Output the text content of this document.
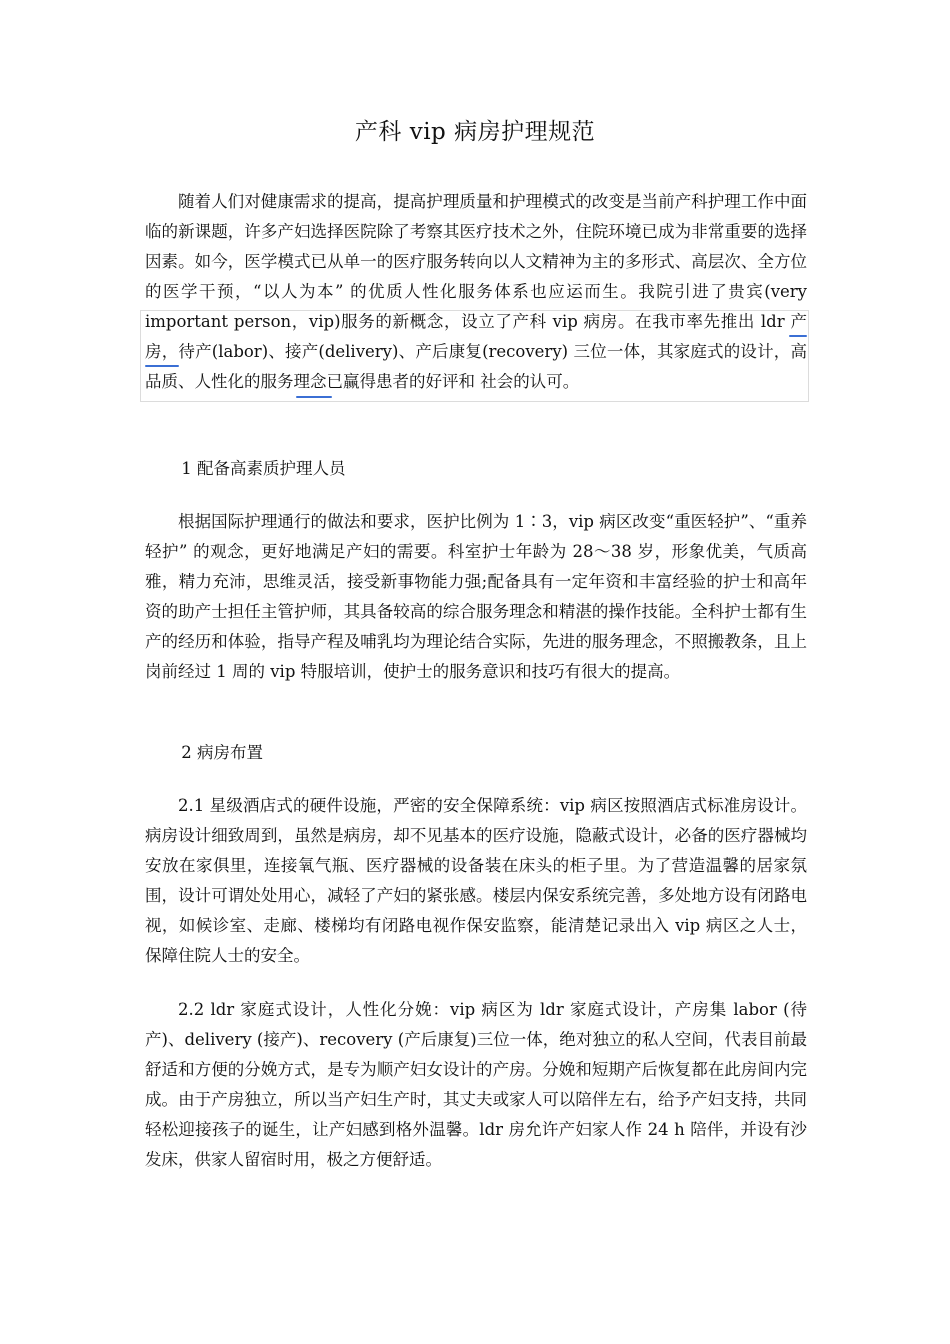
产科 vip 病房护理规范

随着人们对健康需求的提高，提高护理质量和护理模式的改变是当前产科护理工作中面临的新课题，许多产妇选择医院除了考察其医疗技术之外，住院环境已成为非常重要的选择因素。如今，医学模式已从单一的医疗服务转向以人文精神为主的多形式、高层次、全方位的医学干预，“以人为本” 的优质人性化服务体系也应运而生。我院引进了贵宾(very important person，vip)服务的新概念，设立了产科 vip 病房。在我市率先推出 ldr 产房，待产(labor)、接产(delivery)、产后康复(recovery) 三位一体，其家庭式的设计，高品质、人性化的服务理念已赢得患者的好评和 社会的认可。

1 配备高素质护理人员

根据国际护理通行的做法和要求，医护比例为 1∶3，vip 病区改变“重医轻护”、“重养轻护” 的观念，更好地满足产妇的需要。科室护士年龄为 28～38 岁，形象优美，气质高雅，精力充沛，思维灵活，接受新事物能力强;配备具有一定年资和丰富经验的护士和高年资的助产士担任主管护师，其具备较高的综合服务理念和精湛的操作技能。全科护士都有生产的经历和体验，指导产程及哺乳均为理论结合实际，先进的服务理念，不照搬教条，且上岗前经过 1 周的 vip 特服培训，使护士的服务意识和技巧有很大的提高。

2 病房布置

2.1 星级酒店式的硬件设施，严密的安全保障系统：vip 病区按照酒店式标准房设计。病房设计细致周到，虽然是病房，却不见基本的医疗设施，隐蔽式设计，必备的医疗器械均安放在家俱里，连接氧气瓶、医疗器械的设备装在床头的柜子里。为了营造温馨的居家氛围，设计可谓处处用心，减轻了产妇的紧张感。楼层内保安系统完善，多处地方设有闭路电视，如候诊室、走廊、楼梯均有闭路电视作保安监察，能清楚记录出入 vip 病区之人士，保障住院人士的安全。

2.2 ldr 家庭式设计，人性化分娩：vip 病区为 ldr 家庭式设计，产房集 labor (待产)、delivery (接产)、recovery (产后康复)三位一体，绝对独立的私人空间，代表目前最舒适和方便的分娩方式，是专为顺产妇女设计的产房。分娩和短期产后恢复都在此房间内完成。由于产房独立，所以当产妇生产时，其丈夫或家人可以陪伴左右，给予产妇支持，共同轻松迎接孩子的诞生，让产妇感到格外温馨。ldr 房允许产妇家人作 24 h 陪伴，并设有沙发床，供家人留宿时用，极之方便舒适。
